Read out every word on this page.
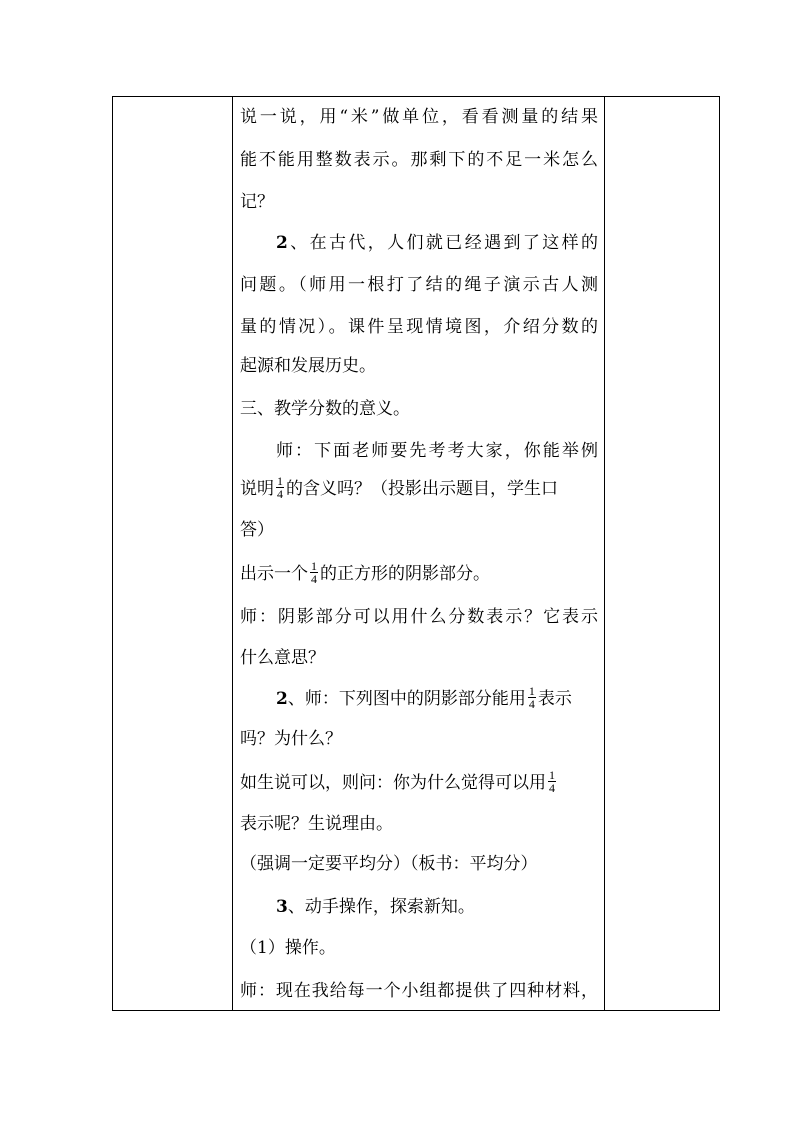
说一说，用“米”做单位，看看测量的结果
能不能用整数表示。那剩下的不足一米怎么
记？
2、在古代，人们就已经遇到了这样的
问题。（师用一根打了结的绳子演示古人测
量的情况）。课件呈现情境图，介绍分数的
起源和发展历史。
三、教学分数的意义。
师：下面老师要先考考大家，你能举例
说明 $\frac{1}{4}$ 的含义吗？（投影出示题目，学生口
答）
出示一个 $\frac{1}{4}$ 的正方形的阴影部分。
师：阴影部分可以用什么分数表示？它表示
什么意思？
2、师：下列图中的阴影部分能用 $\frac{1}{4}$ 表示
吗？为什么？
如生说可以，则问：你为什么觉得可以用 $\frac{1}{4}$
表示呢？生说理由。
（强调一定要平均分）（板书：平均分）
3、动手操作，探索新知。
（1）操作。
师：现在我给每一个小组都提供了四种材料，
